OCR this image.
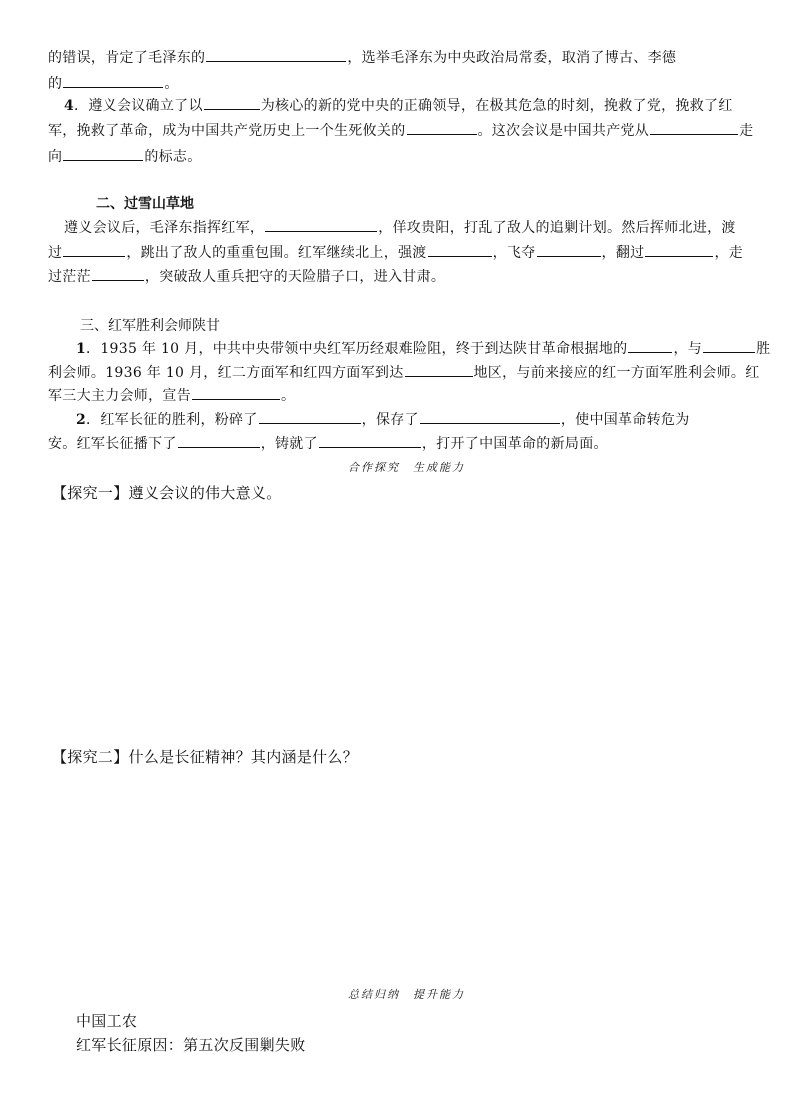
的错误，肯定了毛泽东的	，选举毛泽东为中央政治局常委，取消了博古、李德
的	。
4．遵义会议确立了以	为核心的新的党中央的正确领导，在极其危急的时刻，挽救了党，挽救了红
军，挽救了革命，成为中国共产党历史上一个生死攸关的	。这次会议是中国共产党从	走
向	的标志。
二、过雪山草地
遵义会议后，毛泽东指挥红军，	，佯攻贵阳，打乱了敌人的追剿计划。然后挥师北进，渡
过	，跳出了敌人的重重包围。红军继续北上，强渡	，飞夺	，翻过	，走
过茫茫	，突破敌人重兵把守的天险腊子口，进入甘肃。
三、红军胜利会师陕甘
1．1935 年 10 月，中共中央带领中央红军历经艰难险阻，终于到达陕甘革命根据地的	，与	胜
利会师。1936 年 10 月，红二方面军和红四方面军到达	地区，与前来接应的红一方面军胜利会师。红
军三大主力会师，宣告	。
2．红军长征的胜利，粉碎了	，保存了	，使中国革命转危为
安。红军长征播下了	，铸就了	，打开了中国革命的新局面。
合作探究　生成能力
【探究一】遵义会议的伟大意义。
【探究二】什么是长征精神？其内涵是什么？
总结归纳　提升能力
中国工农
红军长征原因：第五次反围剿失败
